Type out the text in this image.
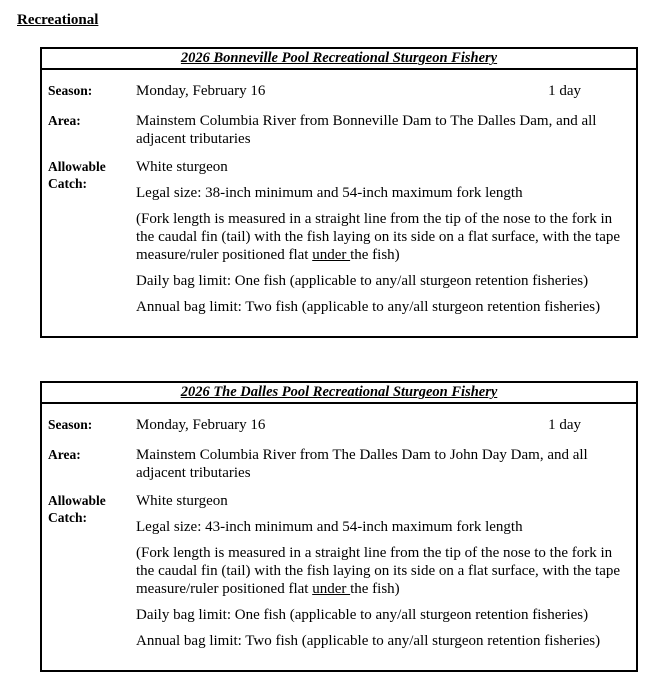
Recreational
2026 Bonneville Pool Recreational Sturgeon Fishery
Season:	Monday, February 16	1 day
Area:	Mainstem Columbia River from Bonneville Dam to The Dalles Dam, and all adjacent tributaries
Allowable Catch:
White sturgeon
Legal size: 38-inch minimum and 54-inch maximum fork length
(Fork length is measured in a straight line from the tip of the nose to the fork in the caudal fin (tail) with the fish laying on its side on a flat surface, with the tape measure/ruler positioned flat under the fish)
Daily bag limit: One fish (applicable to any/all sturgeon retention fisheries)
Annual bag limit: Two fish (applicable to any/all sturgeon retention fisheries)
2026 The Dalles Pool Recreational Sturgeon Fishery
Season:	Monday, February 16	1 day
Area:	Mainstem Columbia River from The Dalles Dam to John Day Dam, and all adjacent tributaries
Allowable Catch:
White sturgeon
Legal size: 43-inch minimum and 54-inch maximum fork length
(Fork length is measured in a straight line from the tip of the nose to the fork in the caudal fin (tail) with the fish laying on its side on a flat surface, with the tape measure/ruler positioned flat under the fish)
Daily bag limit: One fish (applicable to any/all sturgeon retention fisheries)
Annual bag limit: Two fish (applicable to any/all sturgeon retention fisheries)
